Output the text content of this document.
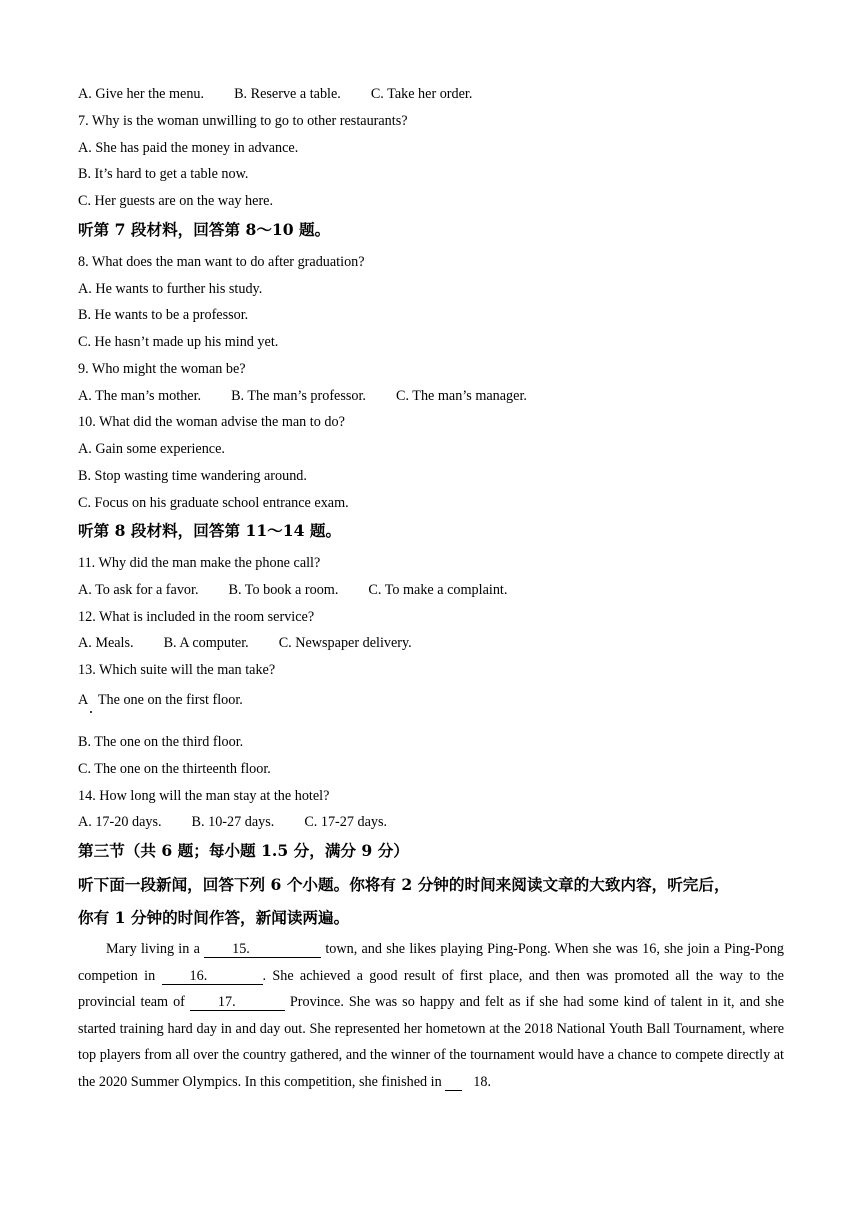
A. Give her the menu. B. Reserve a table. C. Take her order.
7. Why is the woman unwilling to go to other restaurants?
A. She has paid the money in advance.
B. It’s hard to get a table now.
C. Her guests are on the way here.
听第 7 段材料，回答第 8～10 题。
8. What does the man want to do after graduation?
A. He wants to further his study.
B. He wants to be a professor.
C. He hasn’t made up his mind yet.
9. Who might the woman be?
A. The man’s mother. B. The man’s professor. C. The man’s manager.
10. What did the woman advise the man to do?
A. Gain some experience.
B. Stop wasting time wandering around.
C. Focus on his graduate school entrance exam.
听第 8 段材料，回答第 11～14 题。
11. Why did the man make the phone call?
A. To ask for a favor. B. To book a room. C. To make a complaint.
12. What is included in the room service?
A. Meals. B. A computer. C. Newspaper delivery.
13. Which suite will the man take?
A   The one on the first floor.
B. The one on the third floor.
C. The one on the thirteenth floor.
14. How long will the man stay at the hotel?
A. 17-20 days. B. 10-27 days. C. 17-27 days.
第三节（共 6 题；每小题 1.5 分，满分 9 分）
听下面一段新闻，回答下列 6 个小题。你将有 2 分钟的时间来阅读文章的大致内容，听完后，
你有 1 分钟的时间作答，新闻读两遍。
Mary living in a 15.	town, and she likes playing Ping-Pong. When she was 16, she join a Ping-Pong competion in 16.	. She achieved a good result of first place, and then was promoted all the way to the provincial team of 17.	Province. She was so happy and felt as if she had some kind of talent in it, and she started training hard day in and day out. She represented her hometown at the 2018 National Youth Ball Tournament, where top players from all over the country gathered, and the winner of the tournament would have a chance to compete directly at the 2020 Summer Olympics. In this competition, she finished in 18.
